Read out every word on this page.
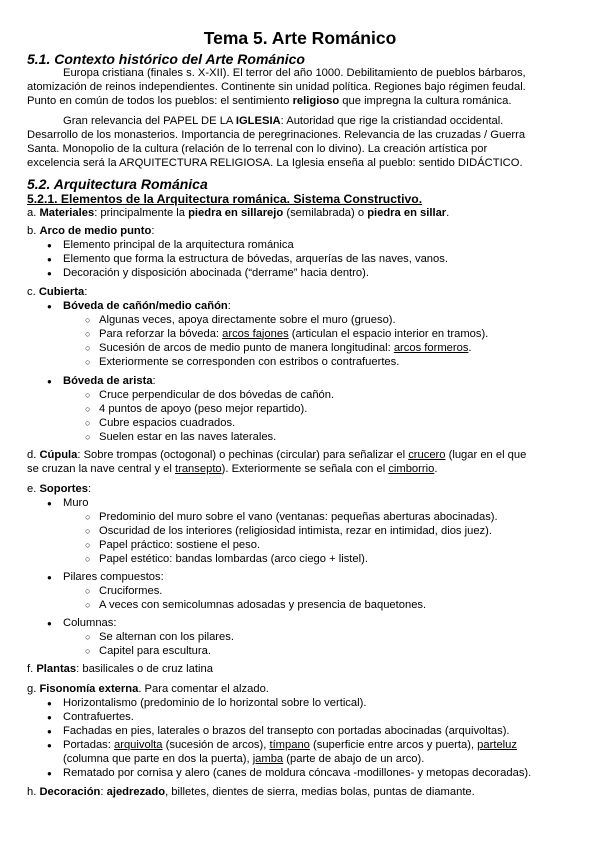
Tema 5. Arte Románico
5.1. Contexto histórico del Arte Románico
Europa cristiana (finales s. X-XII). El terror del año 1000. Debilitamiento de pueblos bárbaros,
atomización de reinos independientes. Continente sin unidad política. Regiones bajo régimen feudal.
Punto en común de todos los pueblos: el sentimiento religioso que impregna la cultura románica.
Gran relevancia del PAPEL DE LA IGLESIA: Autoridad que rige la cristiandad occidental.
Desarrollo de los monasterios. Importancia de peregrinaciones. Relevancia de las cruzadas / Guerra
Santa. Monopolio de la cultura (relación de lo terrenal con lo divino). La creación artística por
excelencia será la ARQUITECTURA RELIGIOSA. La Iglesia enseña al pueblo: sentido DIDÁCTICO.
5.2. Arquitectura Románica
5.2.1. Elementos de la Arquitectura románica. Sistema Constructivo.
a. Materiales: principalmente la piedra en sillarejo (semilabrada) o piedra en sillar.
b. Arco de medio punto:
● Elemento principal de la arquitectura románica
● Elemento que forma la estructura de bóvedas, arquerías de las naves, vanos.
● Decoración y disposición abocinada (“derrame” hacia dentro).
c. Cubierta:
● Bóveda de cañón/medio cañón:
○ Algunas veces, apoya directamente sobre el muro (grueso).
○ Para reforzar la bóveda: arcos fajones (articulan el espacio interior en tramos).
○ Sucesión de arcos de medio punto de manera longitudinal: arcos formeros.
○ Exteriormente se corresponden con estribos o contrafuertes.
● Bóveda de arista:
○ Cruce perpendicular de dos bóvedas de cañón.
○ 4 puntos de apoyo (peso mejor repartido).
○ Cubre espacios cuadrados.
○ Suelen estar en las naves laterales.
d. Cúpula: Sobre trompas (octogonal) o pechinas (circular) para señalizar el crucero (lugar en el que
se cruzan la nave central y el transepto). Exteriormente se señala con el cimborrio.
e. Soportes:
● Muro
○ Predominio del muro sobre el vano (ventanas: pequeñas aberturas abocinadas).
○ Oscuridad de los interiores (religiosidad intimista, rezar en intimidad, dios juez).
○ Papel práctico: sostiene el peso.
○ Papel estético: bandas lombardas (arco ciego + listel).
● Pilares compuestos:
○ Cruciformes.
○ A veces con semicolumnas adosadas y presencia de baquetones.
● Columnas:
○ Se alternan con los pilares.
○ Capitel para escultura.
f. Plantas: basilicales o de cruz latina
g. Fisonomía externa. Para comentar el alzado.
● Horizontalismo (predominio de lo horizontal sobre lo vertical).
● Contrafuertes.
● Fachadas en pies, laterales o brazos del transepto con portadas abocinadas (arquivoltas).
● Portadas: arquivolta (sucesión de arcos), tímpano (superficie entre arcos y puerta), parteluz
(columna que parte en dos la puerta), jamba (parte de abajo de un arco).
● Rematado por cornisa y alero (canes de moldura cóncava -modillones- y metopas decoradas).
h. Decoración: ajedrezado, billetes, dientes de sierra, medias bolas, puntas de diamante.
